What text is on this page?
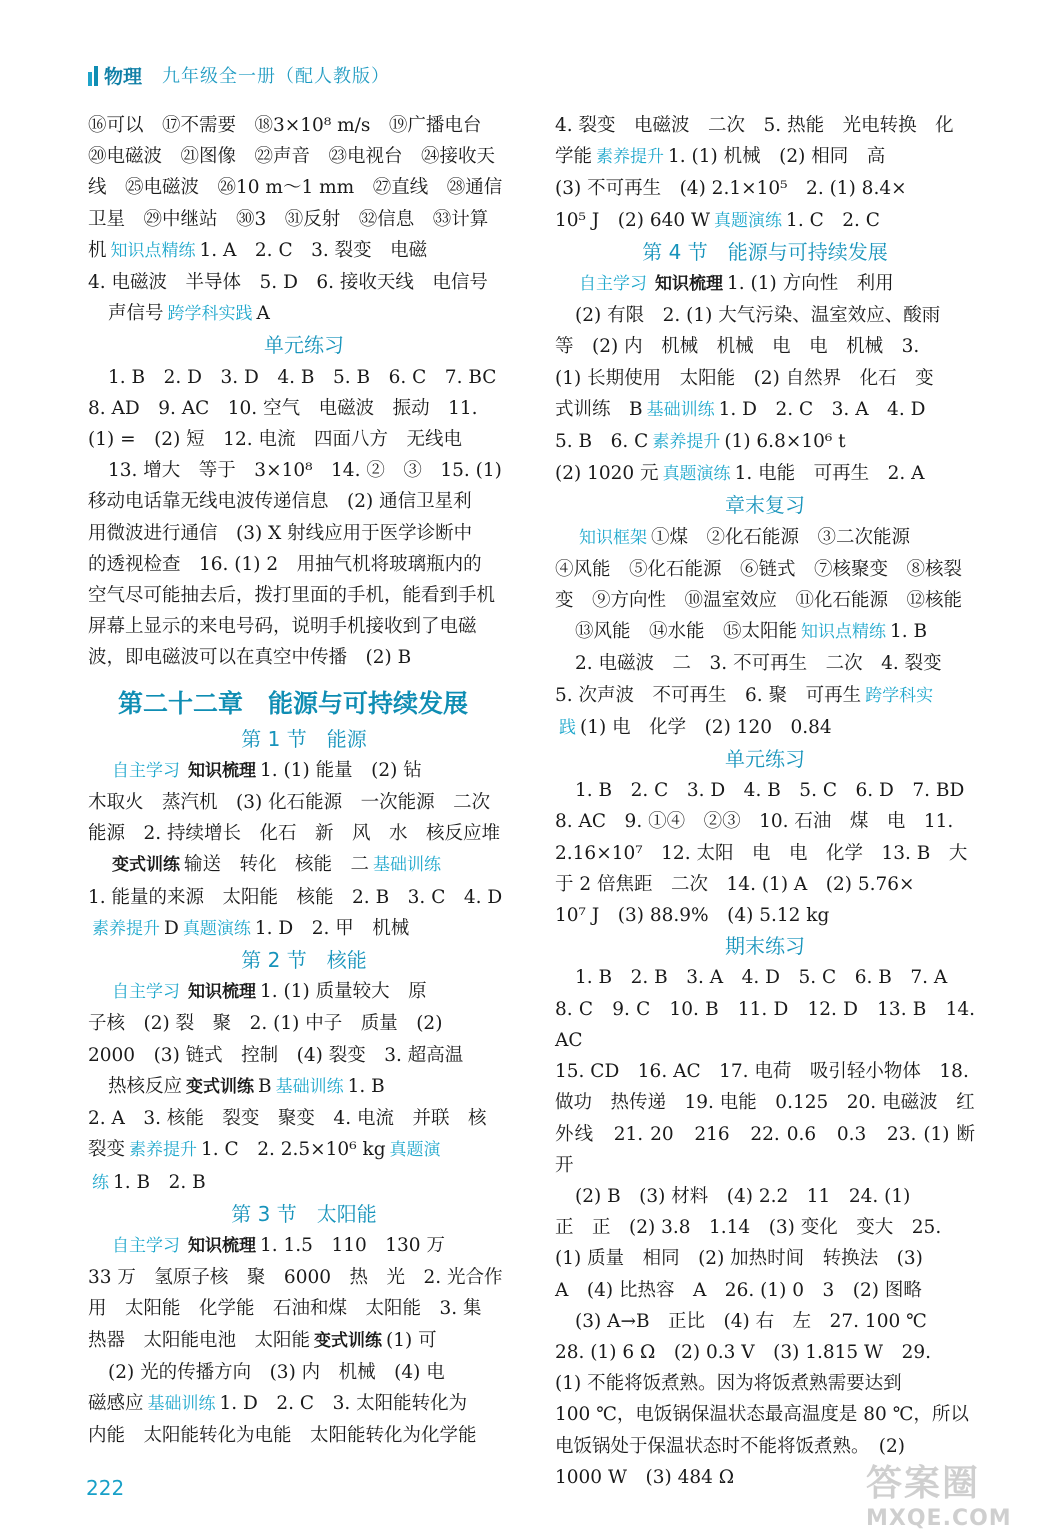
物理 九年级全一册（配人教版）

⑯可以　⑰不需要　⑱3×10⁸ m/s　⑲广播电台

⑳电磁波　㉑图像　㉒声音　㉓电视台　㉔接收天

线　㉕电磁波　㉖10 m～1 mm　㉗直线　㉘通信

卫星　㉙中继站　㉚3　㉛反射　㉜信息　㉝计算

机 知识点精练 1. A　2. C　3. 裂变　电磁

4. 电磁波　半导体　5. D　6. 接收天线　电信号

声信号 跨学科实践 A

单元练习

1. B　2. D　3. D　4. B　5. B　6. C　7. BC

8. AD　9. AC　10. 空气　电磁波　振动　11.

(1) =　(2) 短　12. 电流　四面八方　无线电

13. 增大　等于　3×10⁸　14. ②　③　15. (1)

移动电话靠无线电波传递信息　(2) 通信卫星利

用微波进行通信　(3) X 射线应用于医学诊断中

的透视检查　16. (1) 2　用抽气机将玻璃瓶内的

空气尽可能抽去后，拨打里面的手机，能看到手机

屏幕上显示的来电号码，说明手机接收到了电磁

波，即电磁波可以在真空中传播　(2) B

第二十二章　能源与可持续发展

第 1 节　能源

自主学习 知识梳理 1. (1) 能量　(2) 钻

木取火　蒸汽机　(3) 化石能源　一次能源　二次

能源　2. 持续增长　化石　新　风　水　核反应堆

变式训练 输送　转化　核能　二 基础训练

1. 能量的来源　太阳能　核能　2. B　3. C　4. D

素养提升 D 真题演练 1. D　2. 甲　机械

第 2 节　核能

自主学习 知识梳理 1. (1) 质量较大　原

子核　(2) 裂　聚　2. (1) 中子　质量　(2)

2000　(3) 链式　控制　(4) 裂变　3. 超高温

热核反应 变式训练 B 基础训练 1. B

2. A　3. 核能　裂变　聚变　4. 电流　并联　核

裂变 素养提升 1. C　2. 2.5×10⁶ kg 真题演

练 1. B　2. B

第 3 节　太阳能

自主学习 知识梳理 1. 1.5　110　130 万

33 万　氢原子核　聚　6000　热　光　2. 光合作

用　太阳能　化学能　石油和煤　太阳能　3. 集

热器　太阳能电池　太阳能 变式训练 (1) 可

(2) 光的传播方向　(3) 内　机械　(4) 电

磁感应 基础训练 1. D　2. C　3. 太阳能转化为

内能　太阳能转化为电能　太阳能转化为化学能

4. 裂变　电磁波　二次　5. 热能　光电转换　化

学能 素养提升 1. (1) 机械　(2) 相同　高

(3) 不可再生　(4) 2.1×10⁵　2. (1) 8.4×

10⁵ J　(2) 640 W 真题演练 1. C　2. C

第 4 节　能源与可持续发展

自主学习 知识梳理 1. (1) 方向性　利用

(2) 有限　2. (1) 大气污染、温室效应、酸雨

等　(2) 内　机械　机械　电　电　机械　3.

(1) 长期使用　太阳能　(2) 自然界　化石　变

式训练　B 基础训练 1. D　2. C　3. A　4. D

5. B　6. C 素养提升 (1) 6.8×10⁶ t

(2) 1020 元 真题演练 1. 电能　可再生　2. A

章末复习

知识框架 ①煤　②化石能源　③二次能源

④风能　⑤化石能源　⑥链式　⑦核聚变　⑧核裂

变　⑨方向性　⑩温室效应　⑪化石能源　⑫核能

⑬风能　⑭水能　⑮太阳能 知识点精练 1. B

2. 电磁波　二　3. 不可再生　二次　4. 裂变

5. 次声波　不可再生　6. 聚　可再生 跨学科实

践 (1) 电　化学　(2) 120　0.84

单元练习

1. B　2. C　3. D　4. B　5. C　6. D　7. BD

8. AC　9. ①④　②③　10. 石油　煤　电　11.

2.16×10⁷　12. 太阳　电　电　化学　13. B　大

于 2 倍焦距　二次　14. (1) A　(2) 5.76×

10⁷ J　(3) 88.9%　(4) 5.12 kg

期末练习

1. B　2. B　3. A　4. D　5. C　6. B　7. A

8. C　9. C　10. B　11. D　12. D　13. B　14. AC

15. CD　16. AC　17. 电荷　吸引轻小物体　18.

做功　热传递　19. 电能　0.125　20. 电磁波　红

外线　21. 20　216　22. 0.6　0.3　23. (1) 断开

(2) B　(3) 材料　(4) 2.2　11　24. (1)

正　正　(2) 3.8　1.14　(3) 变化　变大　25.

(1) 质量　相同　(2) 加热时间　转换法　(3)

A　(4) 比热容　A　26. (1) 0　3　(2) 图略

(3) A→B　正比　(4) 右　左　27. 100 ℃

28. (1) 6 Ω　(2) 0.3 V　(3) 1.815 W　29.

(1) 不能将饭煮熟。因为将饭煮熟需要达到

100 ℃，电饭锅保温状态最高温度是 80 ℃，所以

电饭锅处于保温状态时不能将饭煮熟。　(2)

1000 W　(3) 484 Ω

222	答案圈
MXQE.COM
